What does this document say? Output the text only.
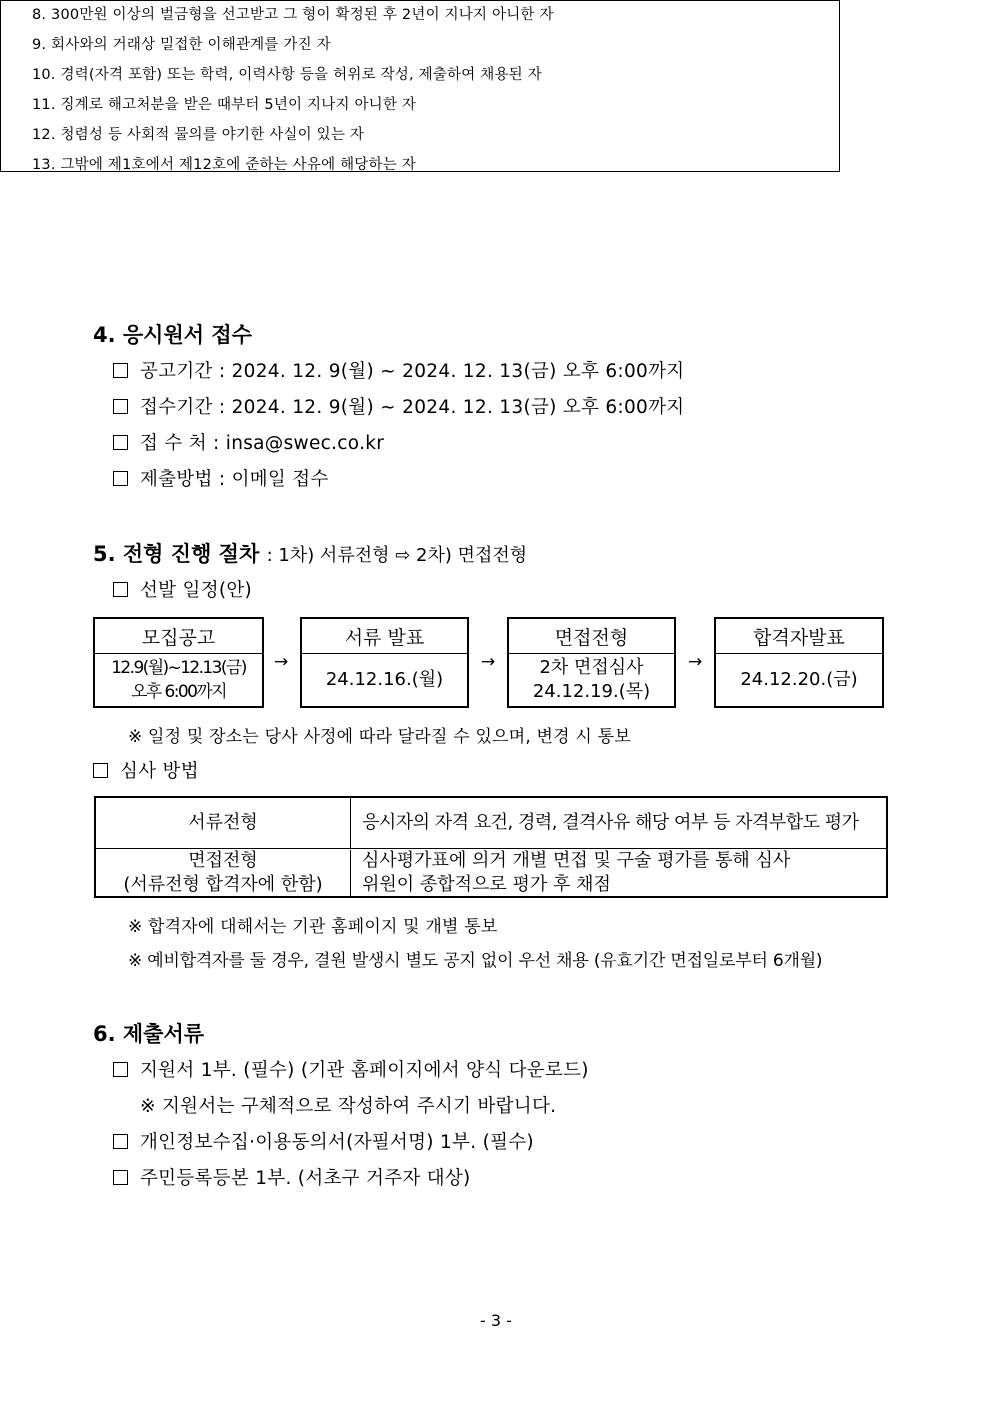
8. 300만원 이상의 벌금형을 선고받고 그 형이 확정된 후 2년이 지나지 아니한 자
9. 회사와의 거래상 밀접한 이해관계를 가진 자
10. 경력(자격 포함) 또는 학력, 이력사항 등을 허위로 작성, 제출하여 채용된 자
11. 징계로 해고처분을 받은 때부터 5년이 지나지 아니한 자
12. 청렴성 등 사회적 물의를 야기한 사실이 있는 자
13. 그밖에 제1호에서 제12호에 준하는 사유에 해당하는 자
4. 응시원서 접수
공고기간 : 2024. 12. 9(월) ~ 2024. 12. 13(금) 오후 6:00까지
접수기간 : 2024. 12. 9(월) ~ 2024. 12. 13(금) 오후 6:00까지
접 수 처 : insa@swec.co.kr
제출방법 : 이메일 접수
5. 전형 진행 절차 : 1차) 서류전형 ⇨ 2차) 면접전형
선발 일정(안)
모집공고
12.9(월)~12.13(금)
오후 6:00까지
→
서류 발표
24.12.16.(월)
→
면접전형
2차 면접심사
24.12.19.(목)
→
합격자발표
24.12.20.(금)
※ 일정 및 장소는 당사 사정에 따라 달라질 수 있으며, 변경 시 통보
심사 방법
서류전형	응시자의 자격 요건, 경력, 결격사유 해당 여부 등 자격부합도 평가
면접전형
(서류전형 합격자에 한함)
심사평가표에 의거 개별 면접 및 구술 평가를 통해 심사
위원이 종합적으로 평가 후 채점
※ 합격자에 대해서는 기관 홈페이지 및 개별 통보
※ 예비합격자를 둘 경우, 결원 발생시 별도 공지 없이 우선 채용 (유효기간 면접일로부터 6개월)
6. 제출서류
지원서 1부. (필수) (기관 홈페이지에서 양식 다운로드)
※ 지원서는 구체적으로 작성하여 주시기 바랍니다.
개인정보수집·이용동의서(자필서명) 1부. (필수)
주민등록등본 1부. (서초구 거주자 대상)
- 3 -
